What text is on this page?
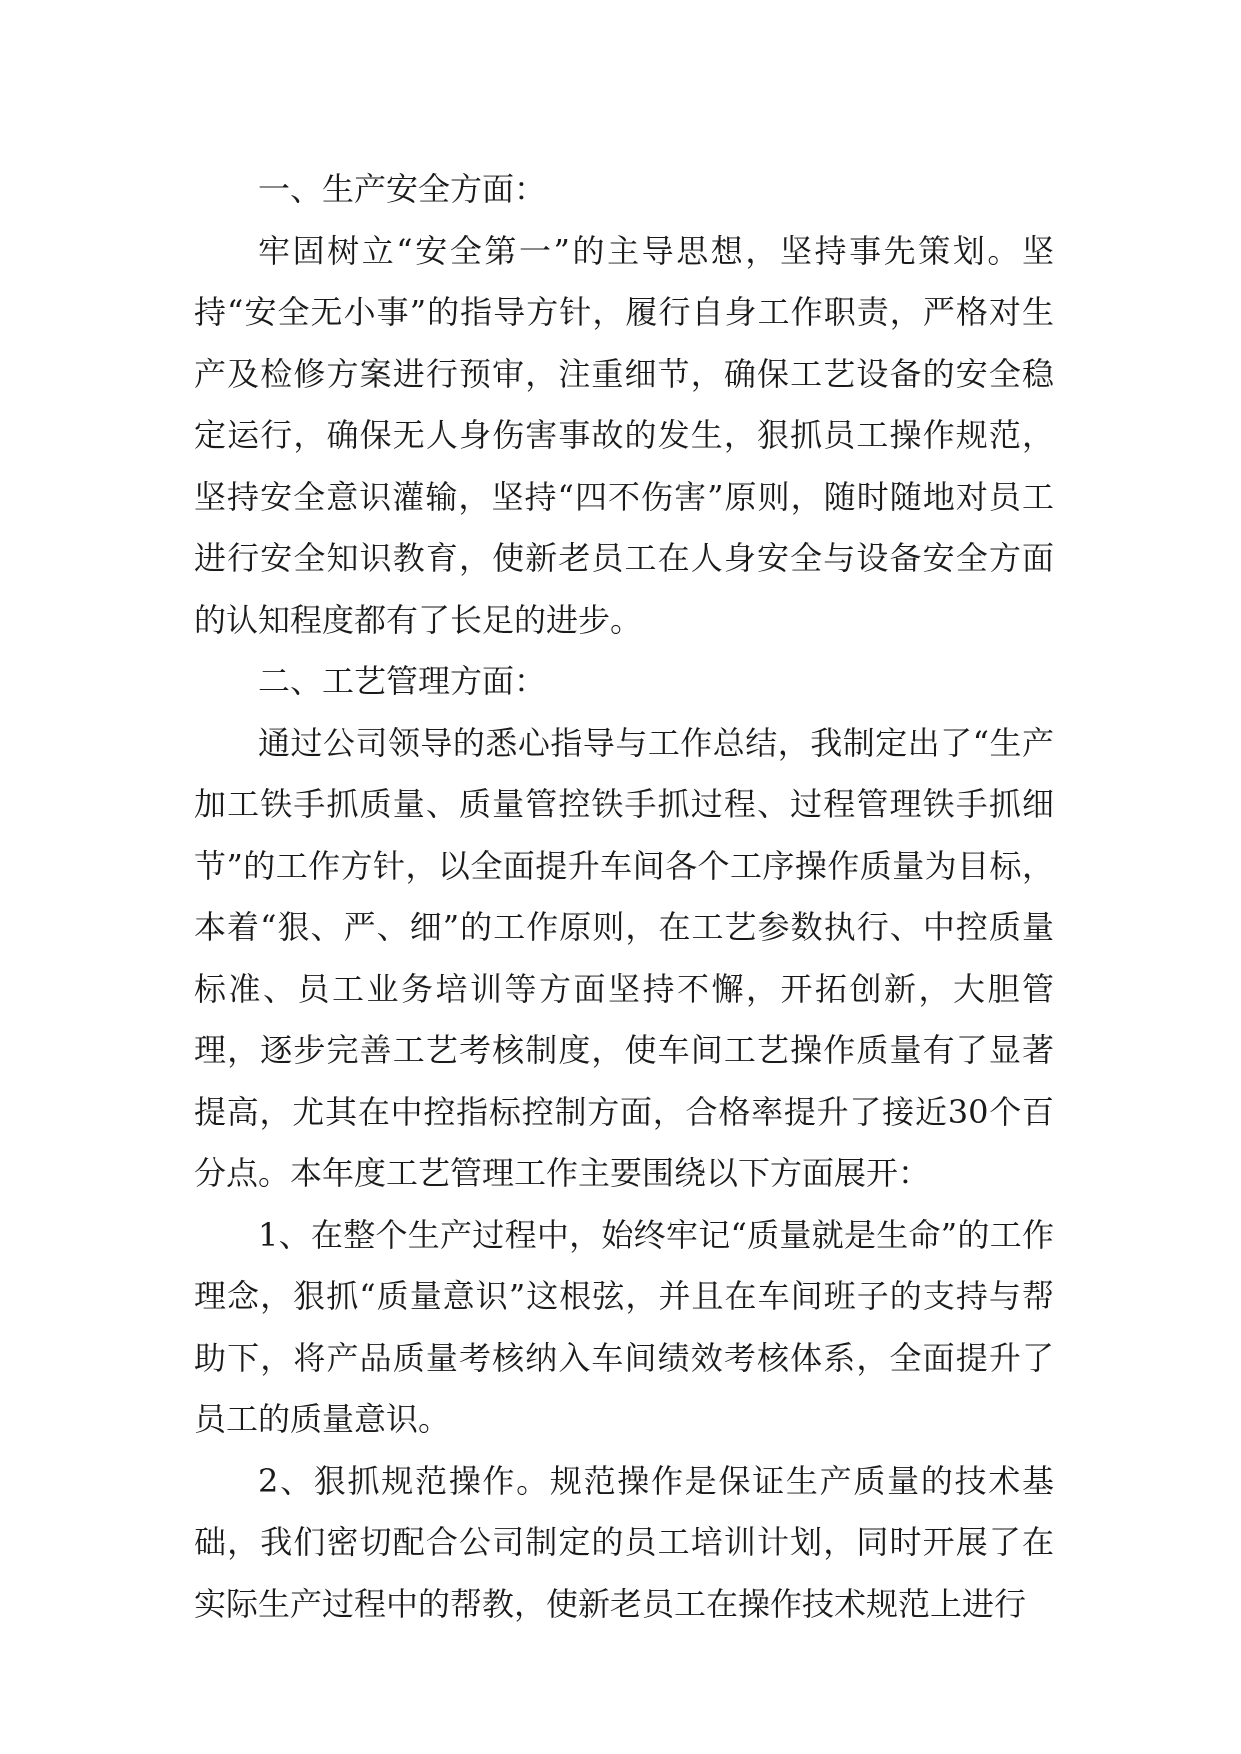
一、生产安全方面：

牢固树立“安全第一”的主导思想，坚持事先策划。坚持“安全无小事”的指导方针，履行自身工作职责，严格对生产及检修方案进行预审，注重细节，确保工艺设备的安全稳定运行，确保无人身伤害事故的发生，狠抓员工操作规范，坚持安全意识灌输，坚持“四不伤害”原则，随时随地对员工进行安全知识教育，使新老员工在人身安全与设备安全方面的认知程度都有了长足的进步。

二、工艺管理方面：

通过公司领导的悉心指导与工作总结，我制定出了“生产加工铁手抓质量、质量管控铁手抓过程、过程管理铁手抓细节”的工作方针，以全面提升车间各个工序操作质量为目标，本着“狠、严、细”的工作原则，在工艺参数执行、中控质量标准、员工业务培训等方面坚持不懈，开拓创新，大胆管理，逐步完善工艺考核制度，使车间工艺操作质量有了显著提高，尤其在中控指标控制方面，合格率提升了接近30个百分点。本年度工艺管理工作主要围绕以下方面展开：

1、在整个生产过程中，始终牢记“质量就是生命”的工作理念，狠抓“质量意识”这根弦，并且在车间班子的支持与帮助下，将产品质量考核纳入车间绩效考核体系，全面提升了员工的质量意识。

2、狠抓规范操作。规范操作是保证生产质量的技术基础，我们密切配合公司制定的员工培训计划，同时开展了在实际生产过程中的帮教，使新老员工在操作技术规范上进行
